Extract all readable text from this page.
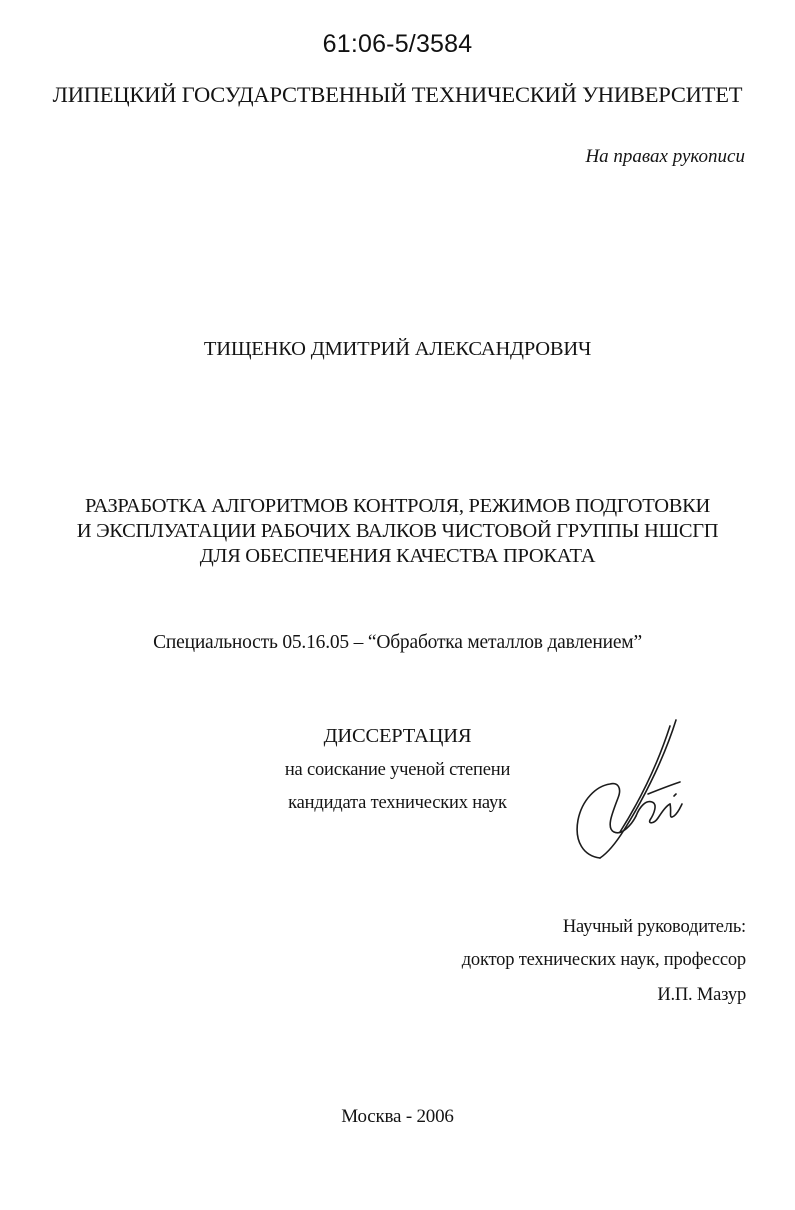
61:06-5/3584
ЛИПЕЦКИЙ ГОСУДАРСТВЕННЫЙ ТЕХНИЧЕСКИЙ УНИВЕРСИТЕТ
На правах рукописи
ТИЩЕНКО ДМИТРИЙ АЛЕКСАНДРОВИЧ
РАЗРАБОТКА АЛГОРИТМОВ КОНТРОЛЯ, РЕЖИМОВ ПОДГОТОВКИ
И ЭКСПЛУАТАЦИИ РАБОЧИХ ВАЛКОВ ЧИСТОВОЙ ГРУППЫ НШСГП
ДЛЯ ОБЕСПЕЧЕНИЯ КАЧЕСТВА ПРОКАТА
Специальность 05.16.05 – “Обработка металлов давлением”
ДИССЕРТАЦИЯ
на соискание ученой степени
кандидата технических наук
Научный руководитель:
доктор технических наук, профессор
И.П. Мазур
Москва - 2006
